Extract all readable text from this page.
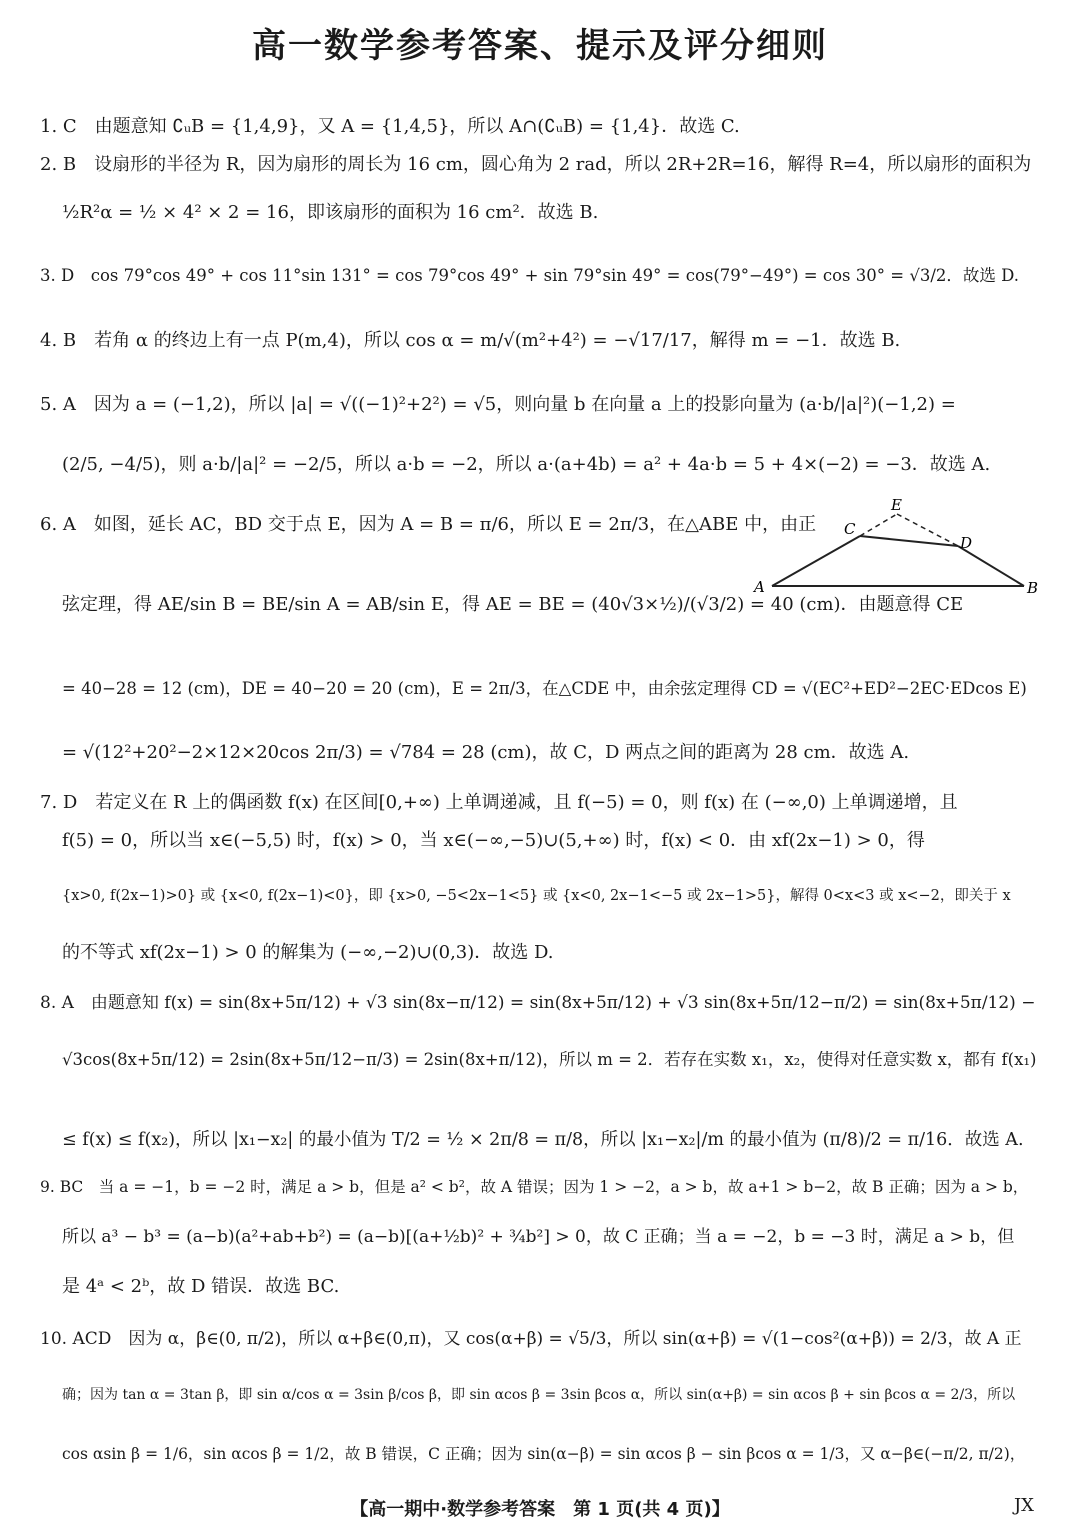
高一数学参考答案、提示及评分细则
1. C　由题意知 ∁ᵤB = {1,4,9}，又 A = {1,4,5}，所以 A∩(∁ᵤB) = {1,4}．故选 C.
2. B　设扇形的半径为 R，因为扇形的周长为 16 cm，圆心角为 2 rad，所以 2R+2R=16，解得 R=4，所以扇形的面积为
½R²α = ½ × 4² × 2 = 16，即该扇形的面积为 16 cm²．故选 B.
3. D　cos 79°cos 49° + cos 11°sin 131° = cos 79°cos 49° + sin 79°sin 49° = cos(79°−49°) = cos 30° = √3/2．故选 D.
4. B　若角 α 的终边上有一点 P(m,4)，所以 cos α = m/√(m²+4²) = −√17/17，解得 m = −1．故选 B.
5. A　因为 a = (−1,2)，所以 |a| = √((−1)²+2²) = √5，则向量 b 在向量 a 上的投影向量为 (a·b/|a|²)(−1,2) =
(2/5, −4/5)，则 a·b/|a|² = −2/5，所以 a·b = −2，所以 a·(a+4b) = a² + 4a·b = 5 + 4×(−2) = −3．故选 A.
6. A　如图，延长 AC，BD 交于点 E，因为 A = B = π/6，所以 E = 2π/3，在△ABE 中，由正
弦定理，得 AE/sin B = BE/sin A = AB/sin E，得 AE = BE = (40√3×½)/(√3/2) = 40 (cm)．由题意得 CE
= 40−28 = 12 (cm)，DE = 40−20 = 20 (cm)，E = 2π/3，在△CDE 中，由余弦定理得 CD = √(EC²+ED²−2EC·EDcos E)
= √(12²+20²−2×12×20cos 2π/3) = √784 = 28 (cm)，故 C，D 两点之间的距离为 28 cm．故选 A.
7. D　若定义在 R 上的偶函数 f(x) 在区间[0,+∞) 上单调递减，且 f(−5) = 0，则 f(x) 在 (−∞,0) 上单调递增，且
f(5) = 0，所以当 x∈(−5,5) 时，f(x) > 0，当 x∈(−∞,−5)∪(5,+∞) 时，f(x) < 0．由 xf(2x−1) > 0，得
{x>0, f(2x−1)>0} 或 {x<0, f(2x−1)<0}，即 {x>0, −5<2x−1<5} 或 {x<0, 2x−1<−5 或 2x−1>5}，解得 0<x<3 或 x<−2，即关于 x
的不等式 xf(2x−1) > 0 的解集为 (−∞,−2)∪(0,3)．故选 D.
8. A　由题意知 f(x) = sin(8x+5π/12) + √3 sin(8x−π/12) = sin(8x+5π/12) + √3 sin(8x+5π/12−π/2) = sin(8x+5π/12) −
√3cos(8x+5π/12) = 2sin(8x+5π/12−π/3) = 2sin(8x+π/12)，所以 m = 2．若存在实数 x₁，x₂，使得对任意实数 x，都有 f(x₁)
≤ f(x) ≤ f(x₂)，所以 |x₁−x₂| 的最小值为 T/2 = ½ × 2π/8 = π/8，所以 |x₁−x₂|/m 的最小值为 (π/8)/2 = π/16．故选 A.
9. BC　当 a = −1，b = −2 时，满足 a > b，但是 a² < b²，故 A 错误；因为 1 > −2，a > b，故 a+1 > b−2，故 B 正确；因为 a > b，
所以 a³ − b³ = (a−b)(a²+ab+b²) = (a−b)[(a+½b)² + ¾b²] > 0，故 C 正确；当 a = −2，b = −3 时，满足 a > b，但
是 4ᵃ < 2ᵇ，故 D 错误．故选 BC.
10. ACD　因为 α，β∈(0, π/2)，所以 α+β∈(0,π)，又 cos(α+β) = √5/3，所以 sin(α+β) = √(1−cos²(α+β)) = 2/3，故 A 正
确；因为 tan α = 3tan β，即 sin α/cos α = 3sin β/cos β，即 sin αcos β = 3sin βcos α，所以 sin(α+β) = sin αcos β + sin βcos α = 2/3，所以
cos αsin β = 1/6，sin αcos β = 1/2，故 B 错误，C 正确；因为 sin(α−β) = sin αcos β − sin βcos α = 1/3，又 α−β∈(−π/2, π/2)，
A	B
C
D
E
【高一期中·数学参考答案　第 1 页(共 4 页)】	JX
